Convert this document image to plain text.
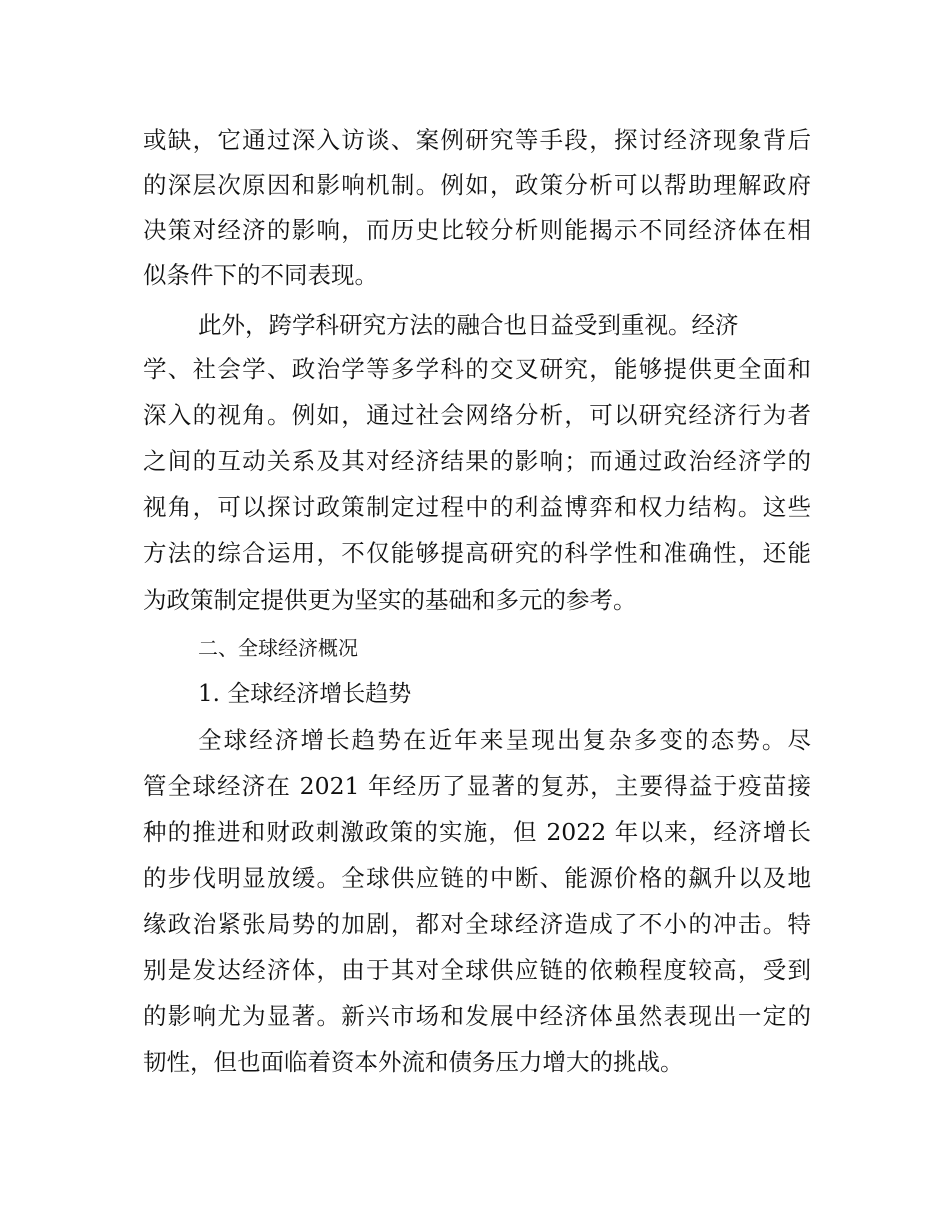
或缺，它通过深入访谈、案例研究等手段，探讨经济现象背后
的深层次原因和影响机制。例如，政策分析可以帮助理解政府
决策对经济的影响，而历史比较分析则能揭示不同经济体在相
似条件下的不同表现。
此外，跨学科研究方法的融合也日益受到重视。经济
学、社会学、政治学等多学科的交叉研究，能够提供更全面和
深入的视角。例如，通过社会网络分析，可以研究经济行为者
之间的互动关系及其对经济结果的影响；而通过政治经济学的
视角，可以探讨政策制定过程中的利益博弈和权力结构。这些
方法的综合运用，不仅能够提高研究的科学性和准确性，还能
为政策制定提供更为坚实的基础和多元的参考。
二、全球经济概况
1. 全球经济增长趋势
全球经济增长趋势在近年来呈现出复杂多变的态势。尽
管全球经济在 2021 年经历了显著的复苏，主要得益于疫苗接
种的推进和财政刺激政策的实施，但 2022 年以来，经济增长
的步伐明显放缓。全球供应链的中断、能源价格的飙升以及地
缘政治紧张局势的加剧，都对全球经济造成了不小的冲击。特
别是发达经济体，由于其对全球供应链的依赖程度较高，受到
的影响尤为显著。新兴市场和发展中经济体虽然表现出一定的
韧性，但也面临着资本外流和债务压力增大的挑战。
